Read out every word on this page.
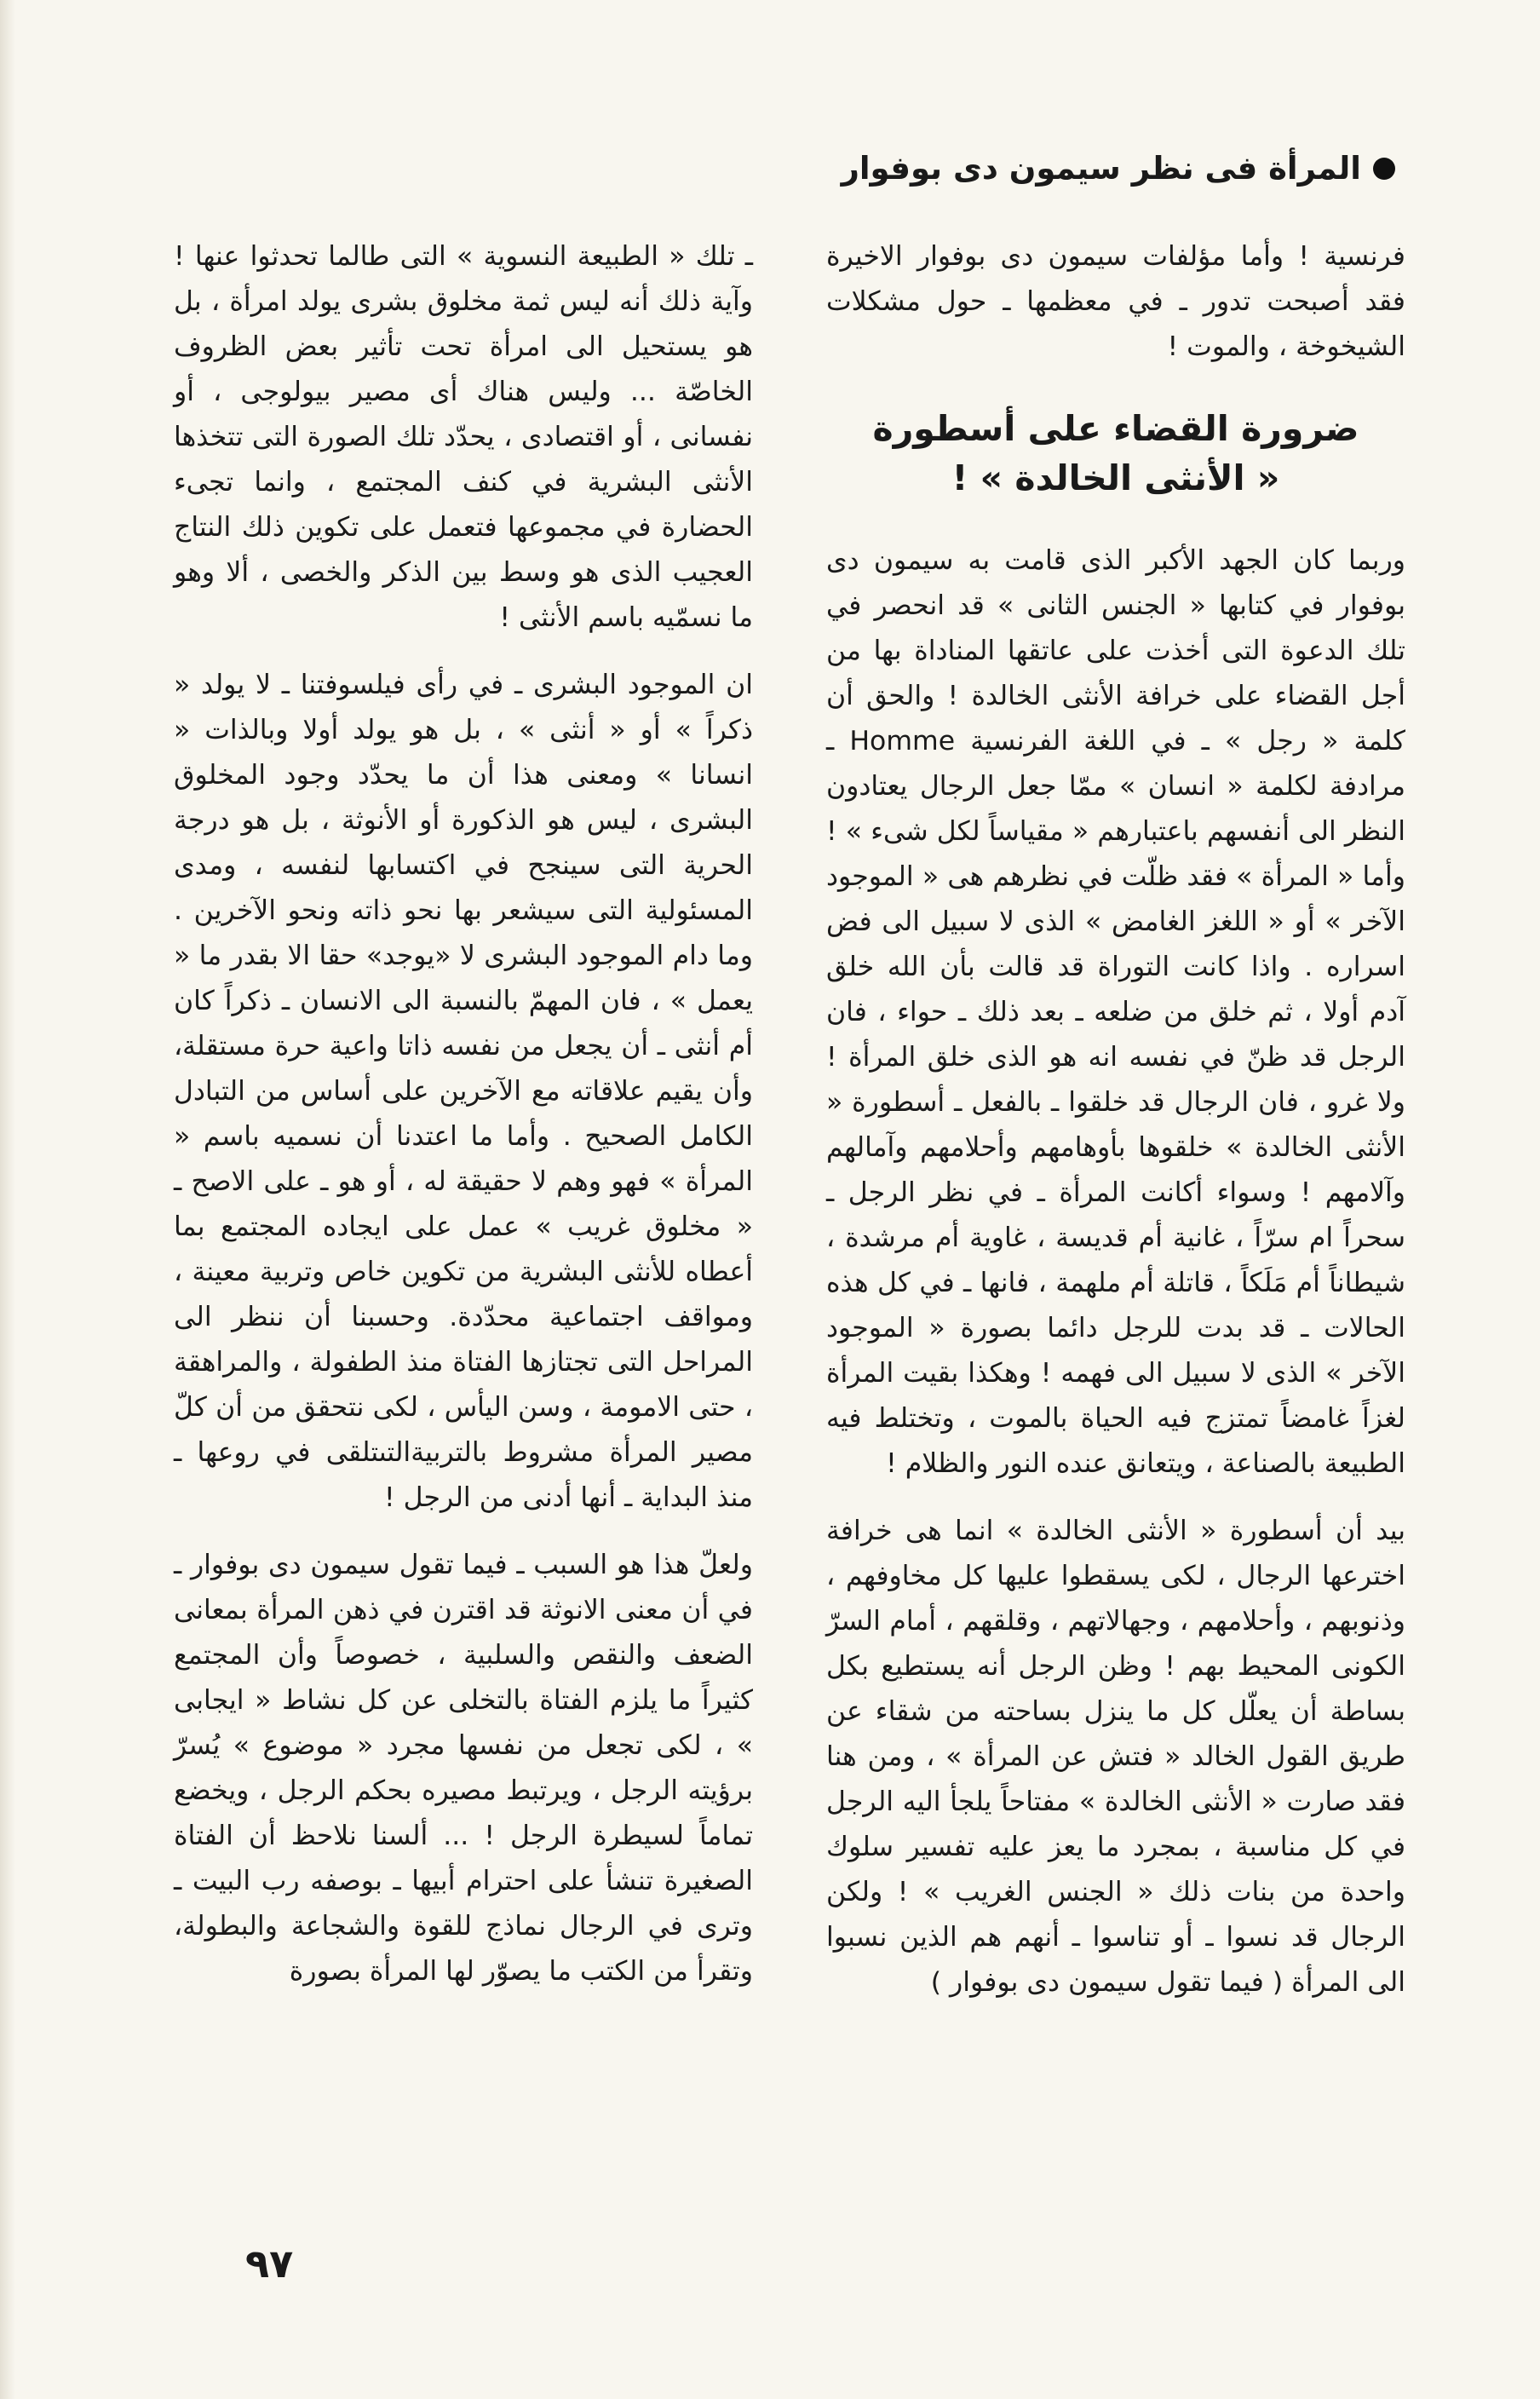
المرأة فى نظر سيمون دى بوفوار

فرنسية ! وأما مؤلفات سيمون دى بوفوار الاخيرة فقد أصبحت تدور ـ في معظمها ـ حول مشكلات الشيخوخة ، والموت !

ضرورة القضاء على أسطورة
« الأنثى الخالدة » !

وربما كان الجهد الأكبر الذى قامت به سيمون دى بوفوار في كتابها « الجنس الثانى » قد انحصر في تلك الدعوة التى أخذت على عاتقها المناداة بها من أجل القضاء على خرافة الأنثى الخالدة ! والحق أن كلمة « رجل » ـ في اللغة الفرنسية Homme ـ مرادفة لكلمة « انسان » ممّا جعل الرجال يعتادون النظر الى أنفسهم باعتبارهم « مقياساً لكل شىء » ! وأما « المرأة » فقد ظلّت في نظرهم هى « الموجود الآخر » أو « اللغز الغامض » الذى لا سبيل الى فض اسراره . واذا كانت التوراة قد قالت بأن الله خلق آدم أولا ، ثم خلق من ضلعه ـ بعد ذلك ـ حواء ، فان الرجل قد ظنّ في نفسه انه هو الذى خلق المرأة ! ولا غرو ، فان الرجال قد خلقوا ـ بالفعل ـ أسطورة « الأنثى الخالدة » خلقوها بأوهامهم وأحلامهم وآمالهم وآلامهم ! وسواء أكانت المرأة ـ في نظر الرجل ـ سحراً ام سرّاً ، غانية أم قديسة ، غاوية أم مرشدة ، شيطاناً أم مَلَكاً ، قاتلة أم ملهمة ، فانها ـ في كل هذه الحالات ـ قد بدت للرجل دائما بصورة « الموجود الآخر » الذى لا سبيل الى فهمه ! وهكذا بقيت المرأة لغزاً غامضاً تمتزج فيه الحياة بالموت ، وتختلط فيه الطبيعة بالصناعة ، ويتعانق عنده النور والظلام !

بيد أن أسطورة « الأنثى الخالدة » انما هى خرافة اخترعها الرجال ، لكى يسقطوا عليها كل مخاوفهم ، وذنوبهم ، وأحلامهم ، وجهالاتهم ، وقلقهم ، أمام السرّ الكونى المحيط بهم ! وظن الرجل أنه يستطيع بكل بساطة أن يعلّل كل ما ينزل بساحته من شقاء عن طريق القول الخالد « فتش عن المرأة » ، ومن هنا فقد صارت « الأنثى الخالدة » مفتاحاً يلجأ اليه الرجل في كل مناسبة ، بمجرد ما يعز عليه تفسير سلوك واحدة من بنات ذلك « الجنس الغريب » ! ولكن الرجال قد نسوا ـ أو تناسوا ـ أنهم هم الذين نسبوا الى المرأة ( فيما تقول سيمون دى بوفوار )

ـ تلك « الطبيعة النسوية » التى طالما تحدثوا عنها ! وآية ذلك أنه ليس ثمة مخلوق بشرى يولد امرأة ، بل هو يستحيل الى امرأة تحت تأثير بعض الظروف الخاصّة ... وليس هناك أى مصير بيولوجى ، أو نفسانى ، أو اقتصادى ، يحدّد تلك الصورة التى تتخذها الأنثى البشرية في كنف المجتمع ، وانما تجىء الحضارة في مجموعها فتعمل على تكوين ذلك النتاج العجيب الذى هو وسط بين الذكر والخصى ، ألا وهو ما نسمّيه باسم الأنثى !

ان الموجود البشرى ـ في رأى فيلسوفتنا ـ لا يولد « ذكراً » أو « أنثى » ، بل هو يولد أولا وبالذات « انسانا » ومعنى هذا أن ما يحدّد وجود المخلوق البشرى ، ليس هو الذكورة أو الأنوثة ، بل هو درجة الحرية التى سينجح في اكتسابها لنفسه ، ومدى المسئولية التى سيشعر بها نحو ذاته ونحو الآخرين . وما دام الموجود البشرى لا «يوجد» حقا الا بقدر ما « يعمل » ، فان المهمّ بالنسبة الى الانسان ـ ذكراً كان أم أنثى ـ أن يجعل من نفسه ذاتا واعية حرة مستقلة، وأن يقيم علاقاته مع الآخرين على أساس من التبادل الكامل الصحيح . وأما ما اعتدنا أن نسميه باسم « المرأة » فهو وهم لا حقيقة له ، أو هو ـ على الاصح ـ « مخلوق غريب » عمل على ايجاده المجتمع بما أعطاه للأنثى البشرية من تكوين خاص وتربية معينة ، ومواقف اجتماعية محدّدة. وحسبنا أن ننظر الى المراحل التى تجتازها الفتاة منذ الطفولة ، والمراهقة ، حتى الامومة ، وسن اليأس ، لكى نتحقق من أن كلّ مصير المرأة مشروط بالتربيةالتىتلقى في روعها ـ منذ البداية ـ أنها أدنى من الرجل !

ولعلّ هذا هو السبب ـ فيما تقول سيمون دى بوفوار ـ في أن معنى الانوثة قد اقترن في ذهن المرأة بمعانى الضعف والنقص والسلبية ، خصوصاً وأن المجتمع كثيراً ما يلزم الفتاة بالتخلى عن كل نشاط « ايجابى » ، لكى تجعل من نفسها مجرد « موضوع » يُسرّ برؤيته الرجل ، ويرتبط مصيره بحكم الرجل ، ويخضع تماماً لسيطرة الرجل ! ... ألسنا نلاحظ أن الفتاة الصغيرة تنشأ على احترام أبيها ـ بوصفه رب البيت ـ وترى في الرجال نماذج للقوة والشجاعة والبطولة، وتقرأ من الكتب ما يصوّر لها المرأة بصورة

٩٧
